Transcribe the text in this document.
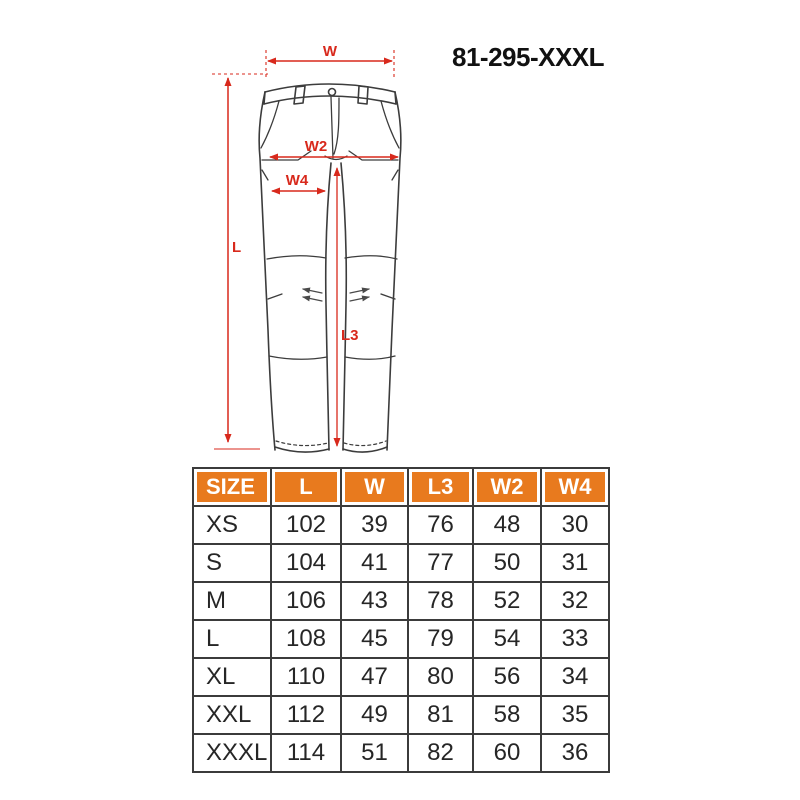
81-295-XXXL
W
L
W2
W4
L3
SIZE	L	W	L3	W2	W4
XS	102	39	76	48	30
S	104	41	77	50	31
M	106	43	78	52	32
L	108	45	79	54	33
XL	110	47	80	56	34
XXL	112	49	81	58	35
XXXL	114	51	82	60	36
